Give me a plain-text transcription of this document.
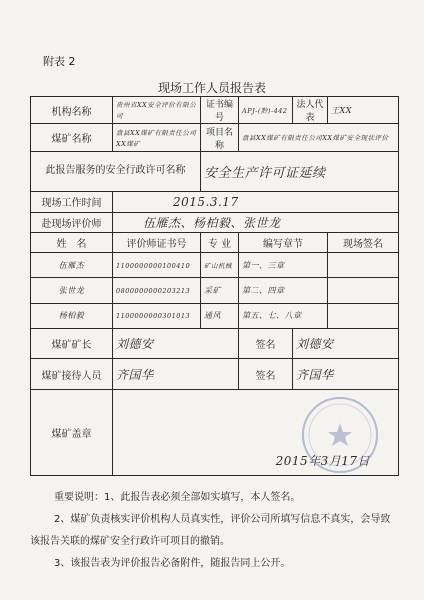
附表 2
现场工作人员报告表
机构名称	贵州省XX安全评价有限公司	证书编号	APJ-(黔)-442	法人代表	王XX
煤矿名称	盘县XX煤矿有限责任公司XX煤矿	项目名称	盘县XX煤矿有限责任公司XX煤矿安全现状评价		
此报告服务的安全行政许可名称		安全生产许可证延续			
现场工作时间	2015.3.17				
赴现场评价师	伍雁杰、杨柏毅、张世龙				
姓　名	评价师证书号	专 业	编写章节		现场签名
伍雁杰	1100000000100410	矿山机械	第一、三章		
张世龙	0800000000203213	采矿	第二、四章		
杨柏毅	1100000000301013	通风	第五、七、八章		
煤矿矿长	刘德安		签名	刘德安	
煤矿接待人员	齐国华		签名	齐国华	
煤矿盖章	2015年3月17日				

重要说明：1、此报告表必须全部如实填写，本人签名。

2、煤矿负责核实评价机构人员真实性，评价公司所填写信息不真实，会导致该报告关联的煤矿安全行政许可项目的撤销。

3、该报告表为评价报告必备附件，随报告同上公开。
